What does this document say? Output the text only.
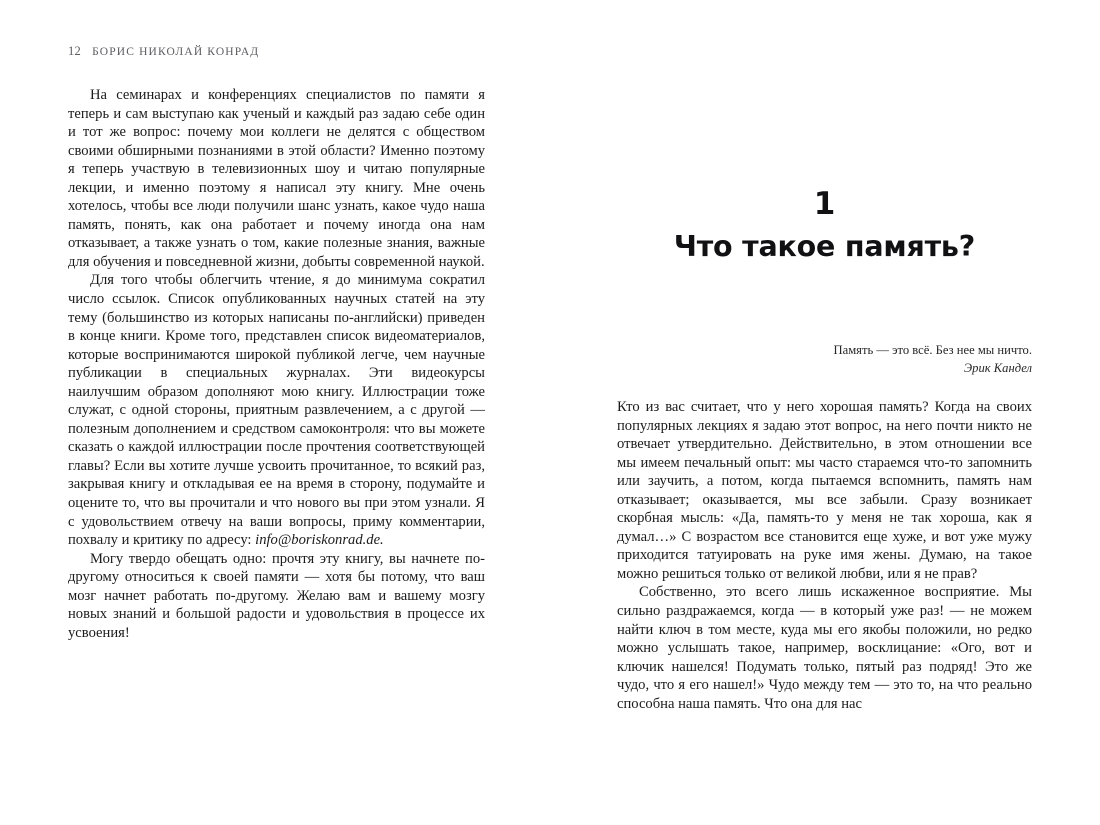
12 БОРИС НИКОЛАЙ КОНРАД

На семинарах и конференциях специалистов по памяти я теперь и сам выступаю как ученый и каждый раз задаю себе один и тот же вопрос: почему мои коллеги не делятся с обществом своими обширными познаниями в этой области? Именно поэтому я теперь участвую в телевизионных шоу и читаю популярные лекции, и именно поэтому я написал эту книгу. Мне очень хотелось, чтобы все люди получили шанс узнать, какое чудо наша память, понять, как она работает и почему иногда она нам отказывает, а также узнать о том, какие полезные знания, важные для обучения и повседневной жизни, добыты современной наукой.

Для того чтобы облегчить чтение, я до минимума сократил число ссылок. Список опубликованных научных статей на эту тему (большинство из которых написаны по-английски) приведен в конце книги. Кроме того, представлен список видеоматериалов, которые воспринимаются широкой публикой легче, чем научные публикации в специальных журналах. Эти видеокурсы наилучшим образом дополняют мою книгу. Иллюстрации тоже служат, с одной стороны, приятным развлечением, а с другой — полезным дополнением и средством самоконтроля: что вы можете сказать о каждой иллюстрации после прочтения соответствующей главы? Если вы хотите лучше усвоить прочитанное, то всякий раз, закрывая книгу и откладывая ее на время в сторону, подумайте и оцените то, что вы прочитали и что нового вы при этом узнали. Я с удовольствием отвечу на ваши вопросы, приму комментарии, похвалу и критику по адресу: info@boriskonrad.de.

Могу твердо обещать одно: прочтя эту книгу, вы начнете по-другому относиться к своей памяти — хотя бы потому, что ваш мозг начнет работать по-другому. Желаю вам и вашему мозгу новых знаний и большой радости и удовольствия в процессе их усвоения!

1
Что такое память?
Память — это всё. Без нее мы ничто.
Эрик Кандел

Кто из вас считает, что у него хорошая память? Когда на своих популярных лекциях я задаю этот вопрос, на него почти никто не отвечает утвердительно. Действительно, в этом отношении все мы имеем печальный опыт: мы часто стараемся что-то запомнить или заучить, а потом, когда пытаемся вспомнить, память нам отказывает; оказывается, мы все забыли. Сразу возникает скорбная мысль: «Да, память-то у меня не так хороша, как я думал…» С возрастом все становится еще хуже, и вот уже мужу приходится татуировать на руке имя жены. Думаю, на такое можно решиться только от великой любви, или я не прав?

Собственно, это всего лишь искаженное восприятие. Мы сильно раздражаемся, когда — в который уже раз! — не можем найти ключ в том месте, куда мы его якобы положили, но редко можно услышать такое, например, восклицание: «Ого, вот и ключик нашелся! Подумать только, пятый раз подряд! Это же чудо, что я его нашел!» Чудо между тем — это то, на что реально способна наша память. Что она для нас
